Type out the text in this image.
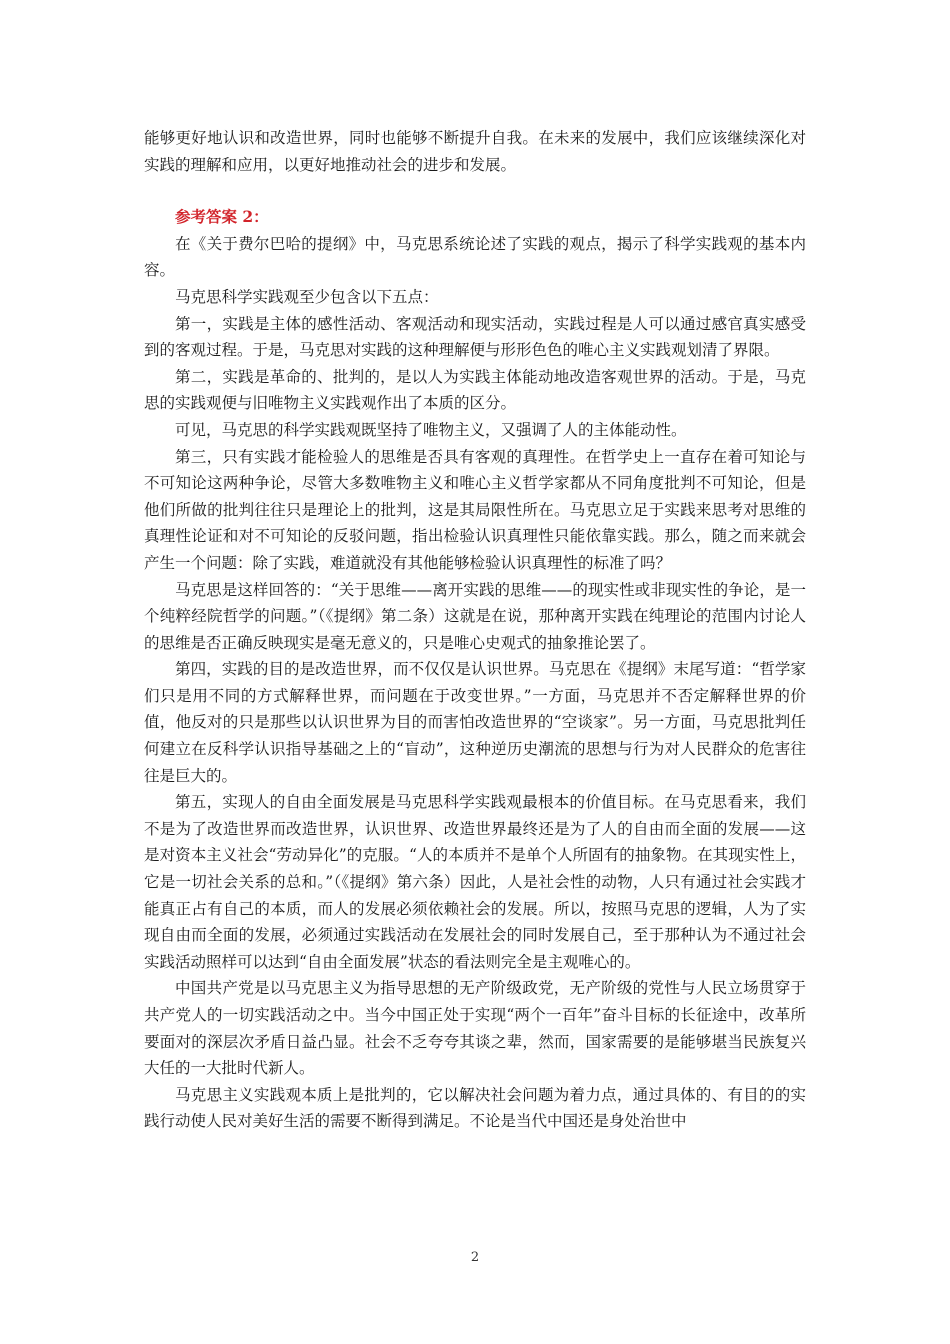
能够更好地认识和改造世界，同时也能够不断提升自我。在未来的发展中，我们应该继续深化对实践的理解和应用，以更好地推动社会的进步和发展。

参考答案 2：

在《关于费尔巴哈的提纲》中，马克思系统论述了实践的观点，揭示了科学实践观的基本内容。

马克思科学实践观至少包含以下五点：

第一，实践是主体的感性活动、客观活动和现实活动，实践过程是人可以通过感官真实感受到的客观过程。于是，马克思对实践的这种理解便与形形色色的唯心主义实践观划清了界限。

第二，实践是革命的、批判的，是以人为实践主体能动地改造客观世界的活动。于是，马克思的实践观便与旧唯物主义实践观作出了本质的区分。

可见，马克思的科学实践观既坚持了唯物主义，又强调了人的主体能动性。

第三，只有实践才能检验人的思维是否具有客观的真理性。在哲学史上一直存在着可知论与不可知论这两种争论，尽管大多数唯物主义和唯心主义哲学家都从不同角度批判不可知论，但是他们所做的批判往往只是理论上的批判，这是其局限性所在。马克思立足于实践来思考对思维的真理性论证和对不可知论的反驳问题，指出检验认识真理性只能依靠实践。那么，随之而来就会产生一个问题：除了实践，难道就没有其他能够检验认识真理性的标准了吗？

马克思是这样回答的：“关于思维——离开实践的思维——的现实性或非现实性的争论，是一个纯粹经院哲学的问题。”（《提纲》第二条）这就是在说，那种离开实践在纯理论的范围内讨论人的思维是否正确反映现实是毫无意义的，只是唯心史观式的抽象推论罢了。

第四，实践的目的是改造世界，而不仅仅是认识世界。马克思在《提纲》末尾写道：“哲学家们只是用不同的方式解释世界，而问题在于改变世界。”一方面，马克思并不否定解释世界的价值，他反对的只是那些以认识世界为目的而害怕改造世界的“空谈家”。另一方面，马克思批判任何建立在反科学认识指导基础之上的“盲动”，这种逆历史潮流的思想与行为对人民群众的危害往往是巨大的。

第五，实现人的自由全面发展是马克思科学实践观最根本的价值目标。在马克思看来，我们不是为了改造世界而改造世界，认识世界、改造世界最终还是为了人的自由而全面的发展——这是对资本主义社会“劳动异化”的克服。“人的本质并不是单个人所固有的抽象物。在其现实性上，它是一切社会关系的总和。”（《提纲》第六条）因此，人是社会性的动物，人只有通过社会实践才能真正占有自己的本质，而人的发展必须依赖社会的发展。所以，按照马克思的逻辑，人为了实现自由而全面的发展，必须通过实践活动在发展社会的同时发展自己，至于那种认为不通过社会实践活动照样可以达到“自由全面发展”状态的看法则完全是主观唯心的。

中国共产党是以马克思主义为指导思想的无产阶级政党，无产阶级的党性与人民立场贯穿于共产党人的一切实践活动之中。当今中国正处于实现“两个一百年”奋斗目标的长征途中，改革所要面对的深层次矛盾日益凸显。社会不乏夸夸其谈之辈，然而，国家需要的是能够堪当民族复兴大任的一大批时代新人。

马克思主义实践观本质上是批判的，它以解决社会问题为着力点，通过具体的、有目的的实践行动使人民对美好生活的需要不断得到满足。不论是当代中国还是身处治世中

2
